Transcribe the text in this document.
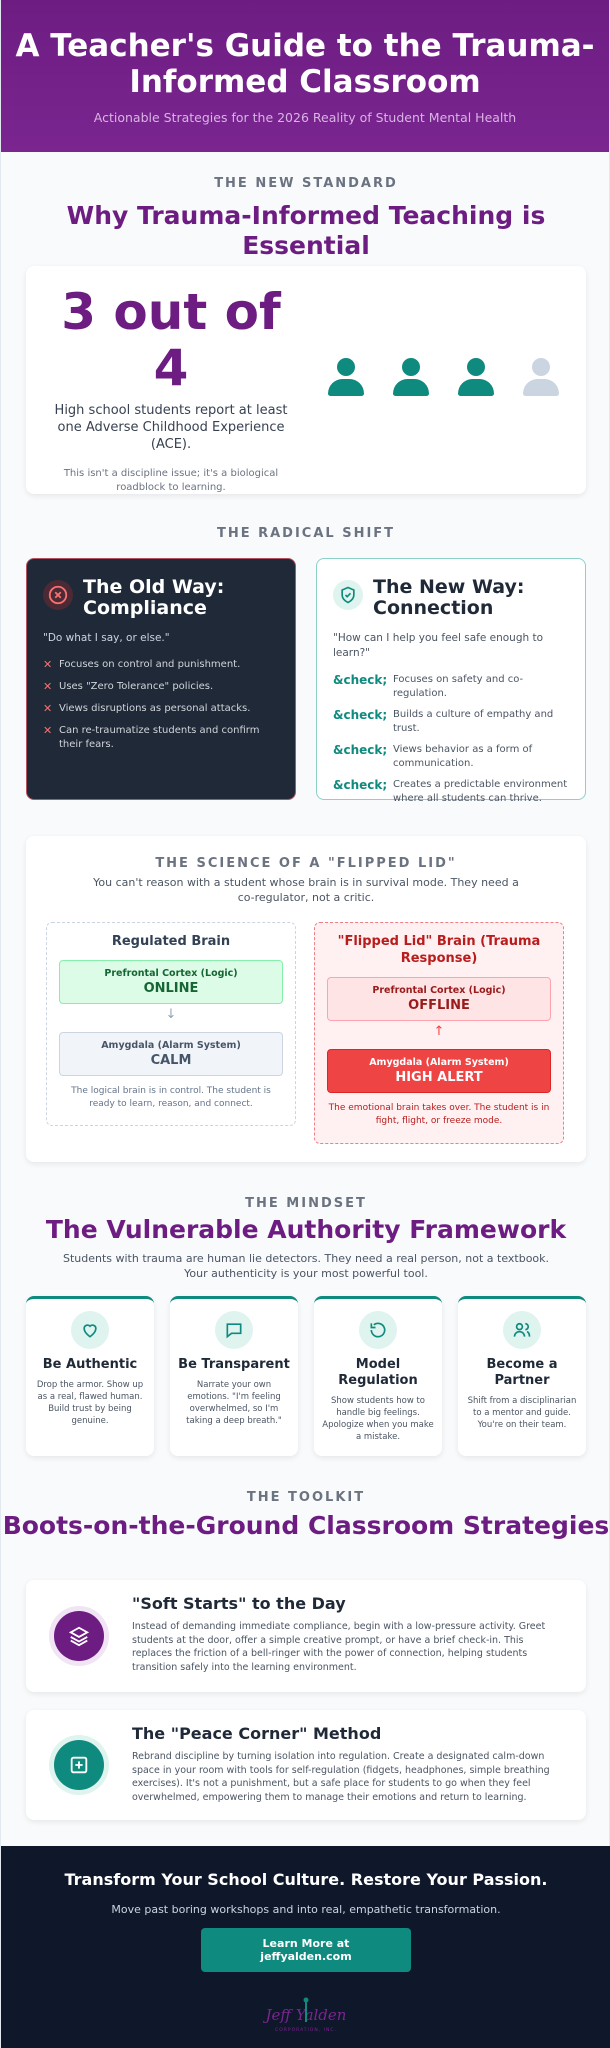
A Teacher's Guide to the Trauma-Informed Classroom

Actionable Strategies for the 2026 Reality of Student Mental Health

THE NEW STANDARD
Why Trauma-Informed Teaching is Essential
3 out of 4
High school students report at least one Adverse Childhood Experience (ACE).
This isn't a discipline issue; it's a biological roadblock to learning.
THE RADICAL SHIFT
The Old Way: Compliance
"Do what I say, or else."
✕ Focuses on control and punishment.
✕ Uses "Zero Tolerance" policies.
✕ Views disruptions as personal attacks.
✕ Can re-traumatize students and confirm their fears.
The New Way: Connection
"How can I help you feel safe enough to learn?"
&check; Focuses on safety and co-regulation.
&check; Builds a culture of empathy and trust.
&check; Views behavior as a form of communication.
&check; Creates a predictable environment where all students can thrive.
THE SCIENCE OF A "FLIPPED LID"
You can't reason with a student whose brain is in survival mode. They need a co-regulator, not a critic.
Regulated Brain
Prefrontal Cortex (Logic)
ONLINE
↓
Amygdala (Alarm System)
CALM
The logical brain is in control. The student is ready to learn, reason, and connect.
"Flipped Lid" Brain (Trauma Response)
Prefrontal Cortex (Logic)
OFFLINE
↑
Amygdala (Alarm System)
HIGH ALERT
The emotional brain takes over. The student is in fight, flight, or freeze mode.
THE MINDSET
The Vulnerable Authority Framework
Students with trauma are human lie detectors. They need a real person, not a textbook.
Your authenticity is your most powerful tool.
Be Authentic
Drop the armor. Show up as a real, flawed human. Build trust by being genuine.
Be Transparent
Narrate your own emotions. "I'm feeling overwhelmed, so I'm taking a deep breath."
Model Regulation
Show students how to handle big feelings. Apologize when you make a mistake.
Become a Partner
Shift from a disciplinarian to a mentor and guide. You're on their team.
THE TOOLKIT
Boots-on-the-Ground Classroom Strategies
"Soft Starts" to the Day
Instead of demanding immediate compliance, begin with a low-pressure activity. Greet students at the door, offer a simple creative prompt, or have a brief check-in. This replaces the friction of a bell-ringer with the power of connection, helping students transition safely into the learning environment.
The "Peace Corner" Method
Rebrand discipline by turning isolation into regulation. Create a designated calm-down space in your room with tools for self-regulation (fidgets, headphones, simple breathing exercises). It's not a punishment, but a safe place for students to go when they feel overwhelmed, empowering them to manage their emotions and return to learning.
Transform Your School Culture. Restore Your Passion.

Move past boring workshops and into real, empathetic transformation.

Learn More at jeffyalden.com
Jeff Yalden
CORPORATION, INC.
